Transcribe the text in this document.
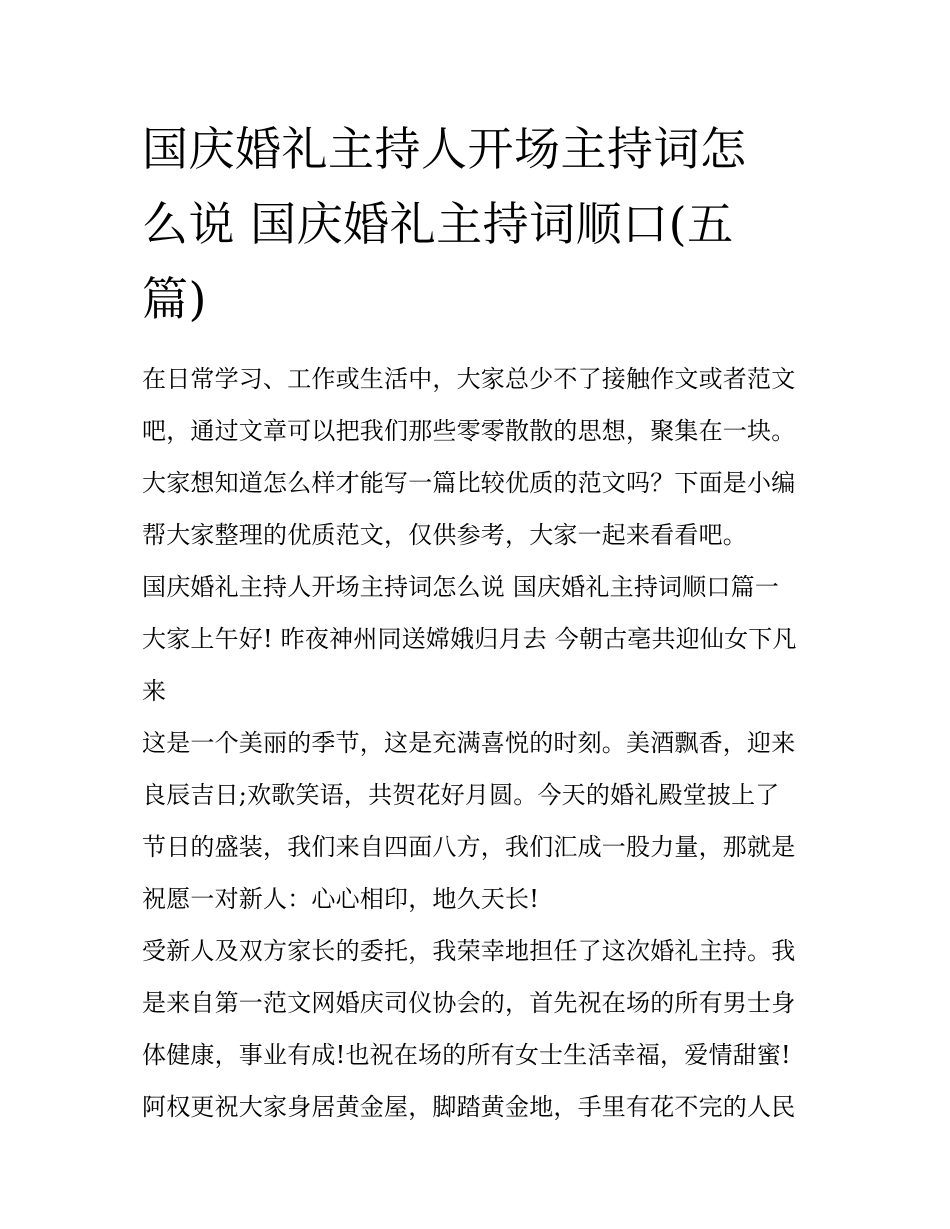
国庆婚礼主持人开场主持词怎
么说 国庆婚礼主持词顺口(五
篇)
在日常学习、工作或生活中，大家总少不了接触作文或者范文
吧，通过文章可以把我们那些零零散散的思想，聚集在一块。
大家想知道怎么样才能写一篇比较优质的范文吗？下面是小编
帮大家整理的优质范文，仅供参考，大家一起来看看吧。
国庆婚礼主持人开场主持词怎么说 国庆婚礼主持词顺口篇一
大家上午好! 昨夜神州同送嫦娥归月去 今朝古亳共迎仙女下凡
来
这是一个美丽的季节，这是充满喜悦的时刻。美酒飘香，迎来
良辰吉日;欢歌笑语，共贺花好月圆。今天的婚礼殿堂披上了
节日的盛装，我们来自四面八方，我们汇成一股力量，那就是
祝愿一对新人：心心相印，地久天长!
受新人及双方家长的委托，我荣幸地担任了这次婚礼主持。我
是来自第一范文网婚庆司仪协会的，首先祝在场的所有男士身
体健康，事业有成!也祝在场的所有女士生活幸福，爱情甜蜜!
阿权更祝大家身居黄金屋，脚踏黄金地，手里有花不完的人民
